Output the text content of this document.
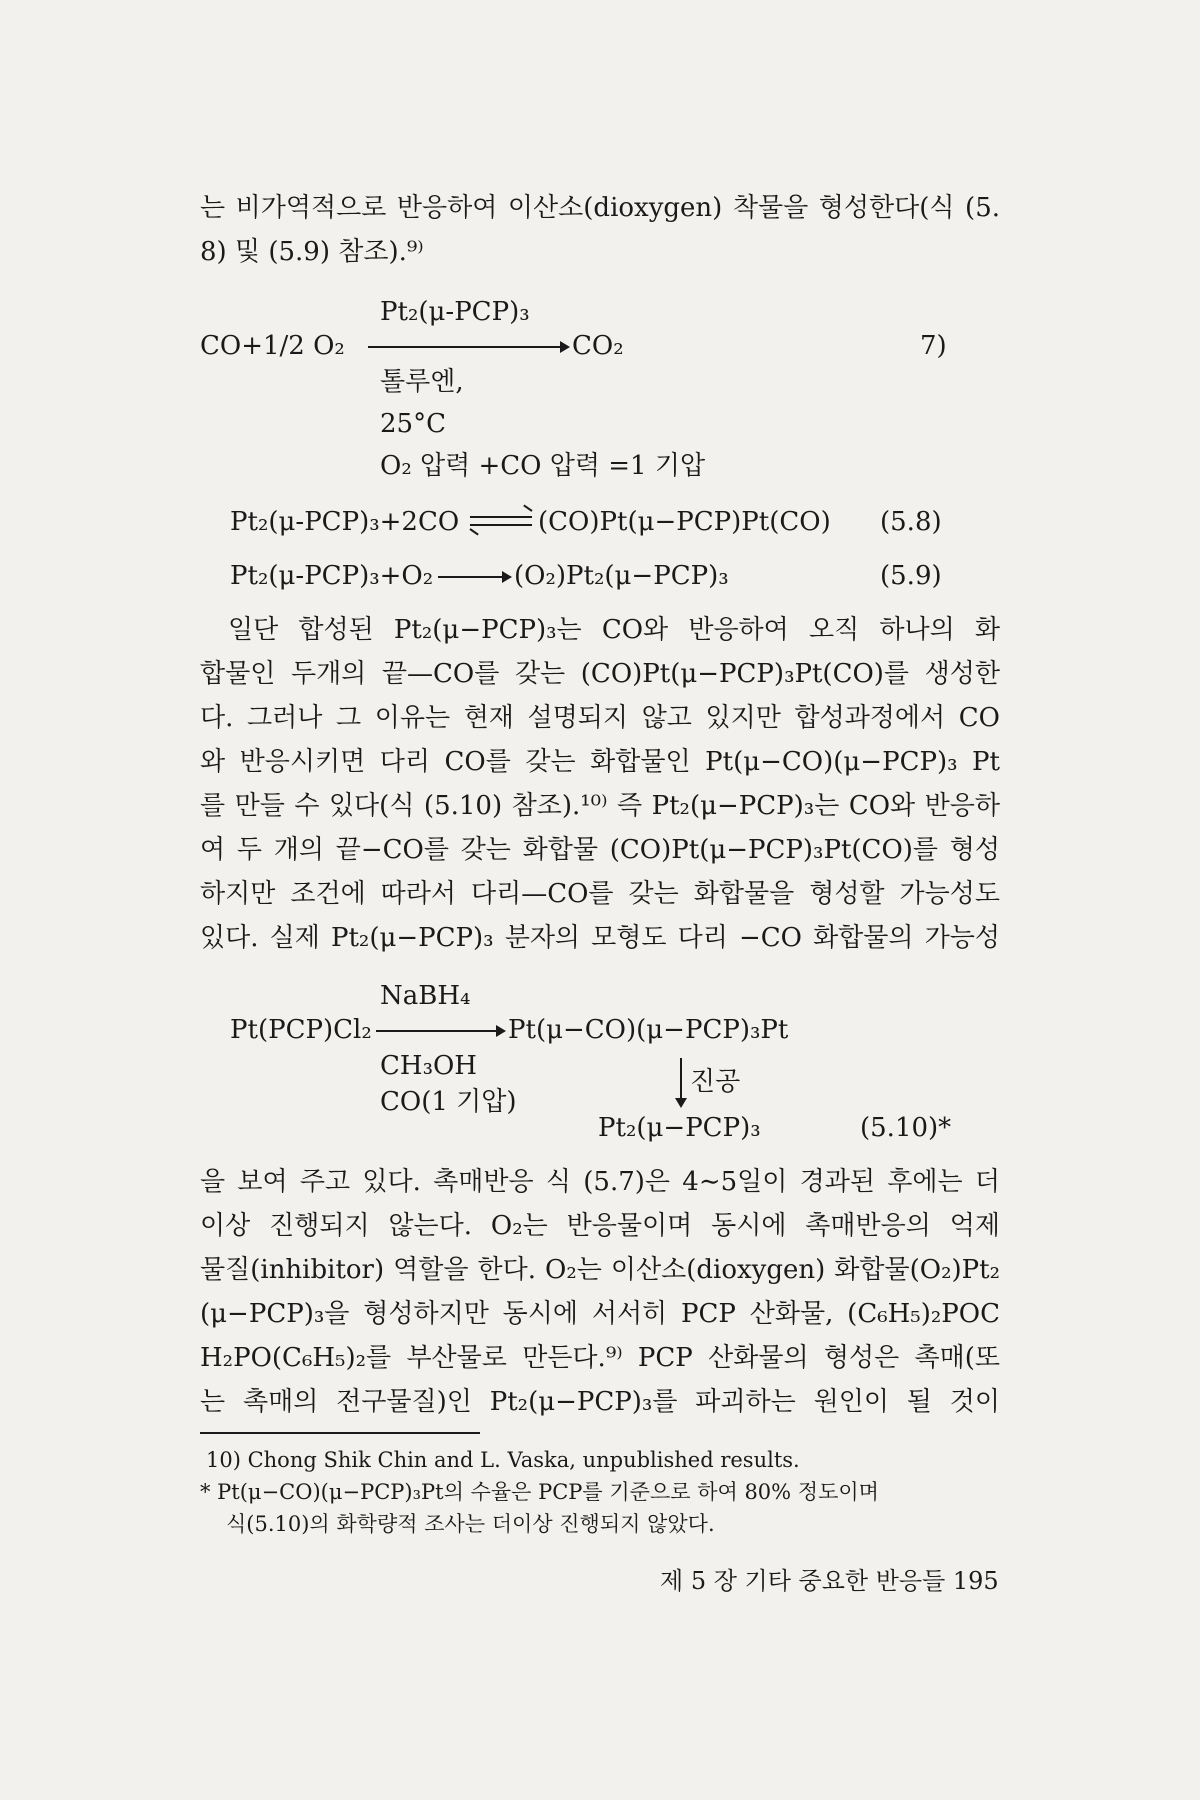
는 비가역적으로 반응하여 이산소(dioxygen) 착물을 형성한다(식 (5.
8) 및 (5.9) 참조).⁹⁾
Pt₂(μ-PCP)₃
CO+1/2 O₂	CO₂	7)
톨루엔,
25°C
O₂ 압력 +CO 압력 =1 기압
Pt₂(μ-PCP)₃+2CO	(CO)Pt(μ−PCP)Pt(CO) (5.8)
Pt₂(μ-PCP)₃+O₂	(O₂)Pt₂(μ−PCP)₃	(5.9)
일단 합성된 Pt₂(μ−PCP)₃는 CO와 반응하여 오직 하나의 화
합물인 두개의 끝—CO를 갖는 (CO)Pt(μ−PCP)₃Pt(CO)를 생성한
다. 그러나 그 이유는 현재 설명되지 않고 있지만 합성과정에서 CO
와 반응시키면 다리 CO를 갖는 화합물인 Pt(μ−CO)(μ−PCP)₃ Pt
를 만들 수 있다(식 (5.10) 참조).¹⁰⁾ 즉 Pt₂(μ−PCP)₃는 CO와 반응하
여 두 개의 끝−CO를 갖는 화합물 (CO)Pt(μ−PCP)₃Pt(CO)를 형성
하지만 조건에 따라서 다리—CO를 갖는 화합물을 형성할 가능성도
있다. 실제 Pt₂(μ−PCP)₃ 분자의 모형도 다리 −CO 화합물의 가능성
NaBH₄
Pt(PCP)Cl₂	Pt(μ−CO)(μ−PCP)₃Pt
CH₃OH
CO(1 기압)
진공
Pt₂(μ−PCP)₃	(5.10)*
을 보여 주고 있다. 촉매반응 식 (5.7)은 4∼5일이 경과된 후에는 더
이상 진행되지 않는다. O₂는 반응물이며 동시에 촉매반응의 억제
물질(inhibitor) 역할을 한다. O₂는 이산소(dioxygen) 화합물(O₂)Pt₂
(μ−PCP)₃을 형성하지만 동시에 서서히 PCP 산화물, (C₆H₅)₂POC
H₂PO(C₆H₅)₂를 부산물로 만든다.⁹⁾ PCP 산화물의 형성은 촉매(또
는 촉매의 전구물질)인 Pt₂(μ−PCP)₃를 파괴하는 원인이 될 것이
10) Chong Shik Chin and L. Vaska, unpublished results.
* Pt(μ−CO)(μ−PCP)₃Pt의 수율은 PCP를 기준으로 하여 80% 정도이며
식(5.10)의 화학량적 조사는 더이상 진행되지 않았다.
제 5 장 기타 중요한 반응들 195
